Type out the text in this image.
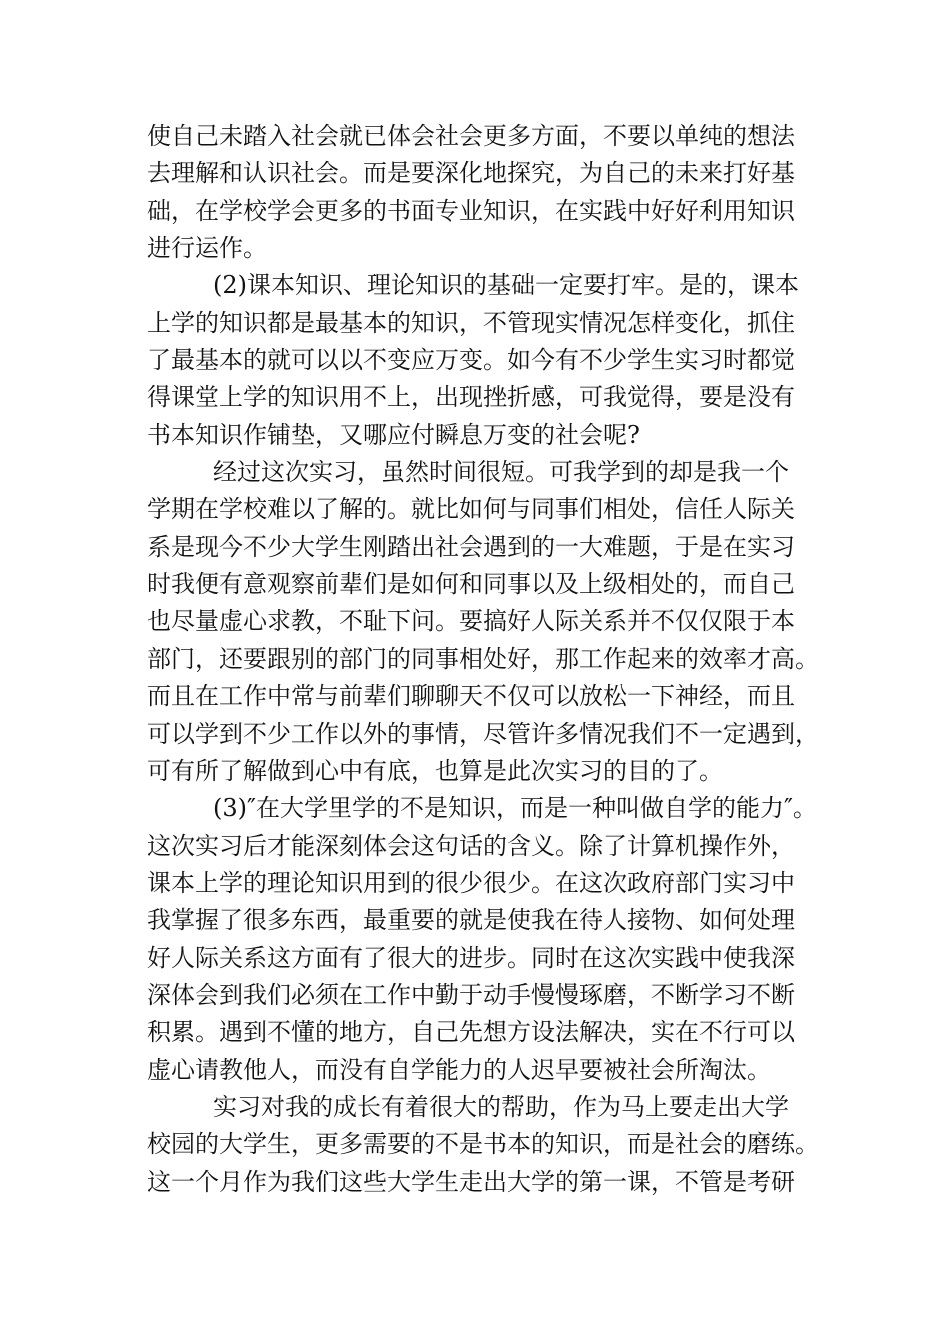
使自己未踏入社会就已体会社会更多方面，不要以单纯的想法
去理解和认识社会。而是要深化地探究，为自己的未来打好基
础，在学校学会更多的书面专业知识，在实践中好好利用知识
进行运作。
(2)课本知识、理论知识的基础一定要打牢。是的，课本
上学的知识都是最基本的知识，不管现实情况怎样变化，抓住
了最基本的就可以以不变应万变。如今有不少学生实习时都觉
得课堂上学的知识用不上，出现挫折感，可我觉得，要是没有
书本知识作铺垫，又哪应付瞬息万变的社会呢?
经过这次实习，虽然时间很短。可我学到的却是我一个
学期在学校难以了解的。就比如何与同事们相处，信任人际关
系是现今不少大学生刚踏出社会遇到的一大难题，于是在实习
时我便有意观察前辈们是如何和同事以及上级相处的，而自己
也尽量虚心求教，不耻下问。要搞好人际关系并不仅仅限于本
部门，还要跟别的部门的同事相处好，那工作起来的效率才高。
而且在工作中常与前辈们聊聊天不仅可以放松一下神经，而且
可以学到不少工作以外的事情，尽管许多情况我们不一定遇到，
可有所了解做到心中有底，也算是此次实习的目的了。
(3)″在大学里学的不是知识，而是一种叫做自学的能力″。
这次实习后才能深刻体会这句话的含义。除了计算机操作外，
课本上学的理论知识用到的很少很少。在这次政府部门实习中
我掌握了很多东西，最重要的就是使我在待人接物、如何处理
好人际关系这方面有了很大的进步。同时在这次实践中使我深
深体会到我们必须在工作中勤于动手慢慢琢磨，不断学习不断
积累。遇到不懂的地方，自己先想方设法解决，实在不行可以
虚心请教他人，而没有自学能力的人迟早要被社会所淘汰。
实习对我的成长有着很大的帮助，作为马上要走出大学
校园的大学生，更多需要的不是书本的知识，而是社会的磨练。
这一个月作为我们这些大学生走出大学的第一课，不管是考研
